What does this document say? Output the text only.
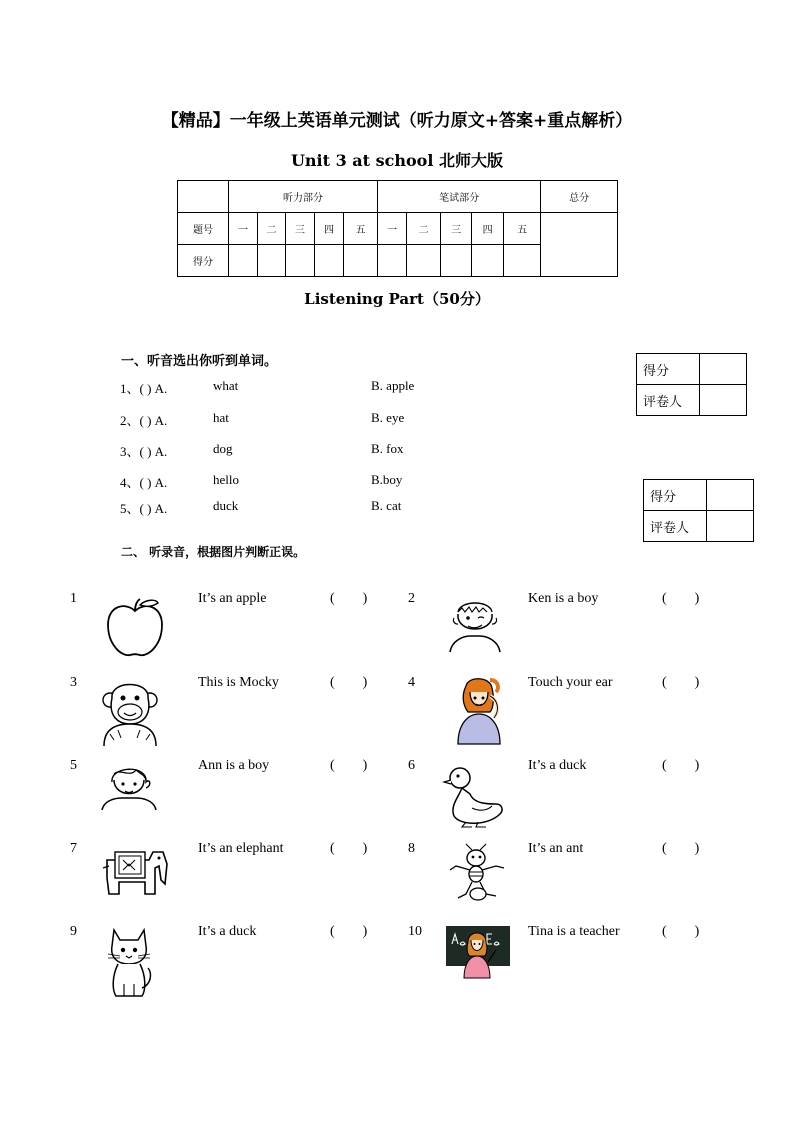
【精品】一年级上英语单元测试（听力原文+答案+重点解析）
Unit 3 at school 北师大版
	听力部分					笔试部分					总分
题号	一	二	三	四	五	一	二	三	四	五	
得分											
Listening Part（50分）
得分	
评卷人	
得分	
评卷人	
一、听音选出你听到单词。
1、( ) A.	what	B. apple
2、( ) A.	hat	B. eye
3、( ) A.	dog	B. fox
4、( ) A.	hello	B.boy
5、( ) A.	duck	B. cat
二、 听录音，根据图片判断正误。
1	It’s an apple	(        )
3	This is Mocky	(        )
5	Ann is a boy	(        )
7	It’s an elephant	(        )
9	It’s a duck	(        )
2	Ken is a boy	(        )
4	Touch your ear	(        )
6	It’s a duck	(        )
8	It’s an ant	(        )
10	Tina is a teacher	(        )
